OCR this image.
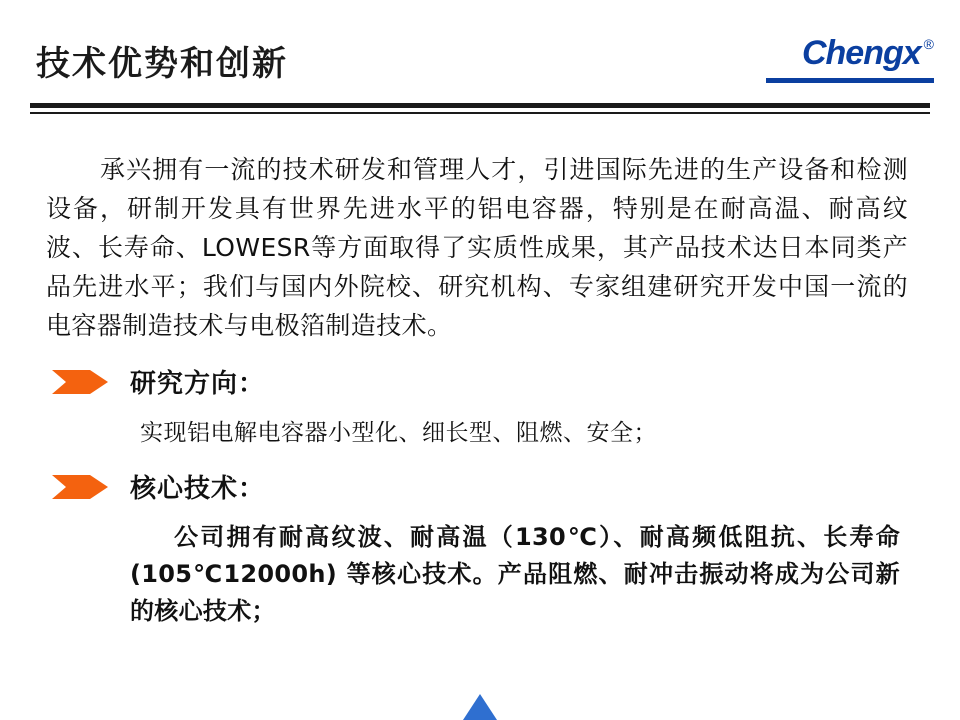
技术优势和创新	Chengx ®

承兴拥有一流的技术研发和管理人才，引进国际先进的生产设备和检测设备，研制开发具有世界先进水平的铝电容器，特别是在耐高温、耐高纹波、长寿命、LOWESR等方面取得了实质性成果，其产品技术达日本同类产品先进水平；我们与国内外院校、研究机构、专家组建研究开发中国一流的电容器制造技术与电极箔制造技术。

研究方向：

实现铝电解电容器小型化、细长型、阻燃、安全；

核心技术：

公司拥有耐高纹波、耐高温（130℃）、耐高频低阻抗、长寿命(105℃12000h) 等核心技术。产品阻燃、耐冲击振动将成为公司新的核心技术；
